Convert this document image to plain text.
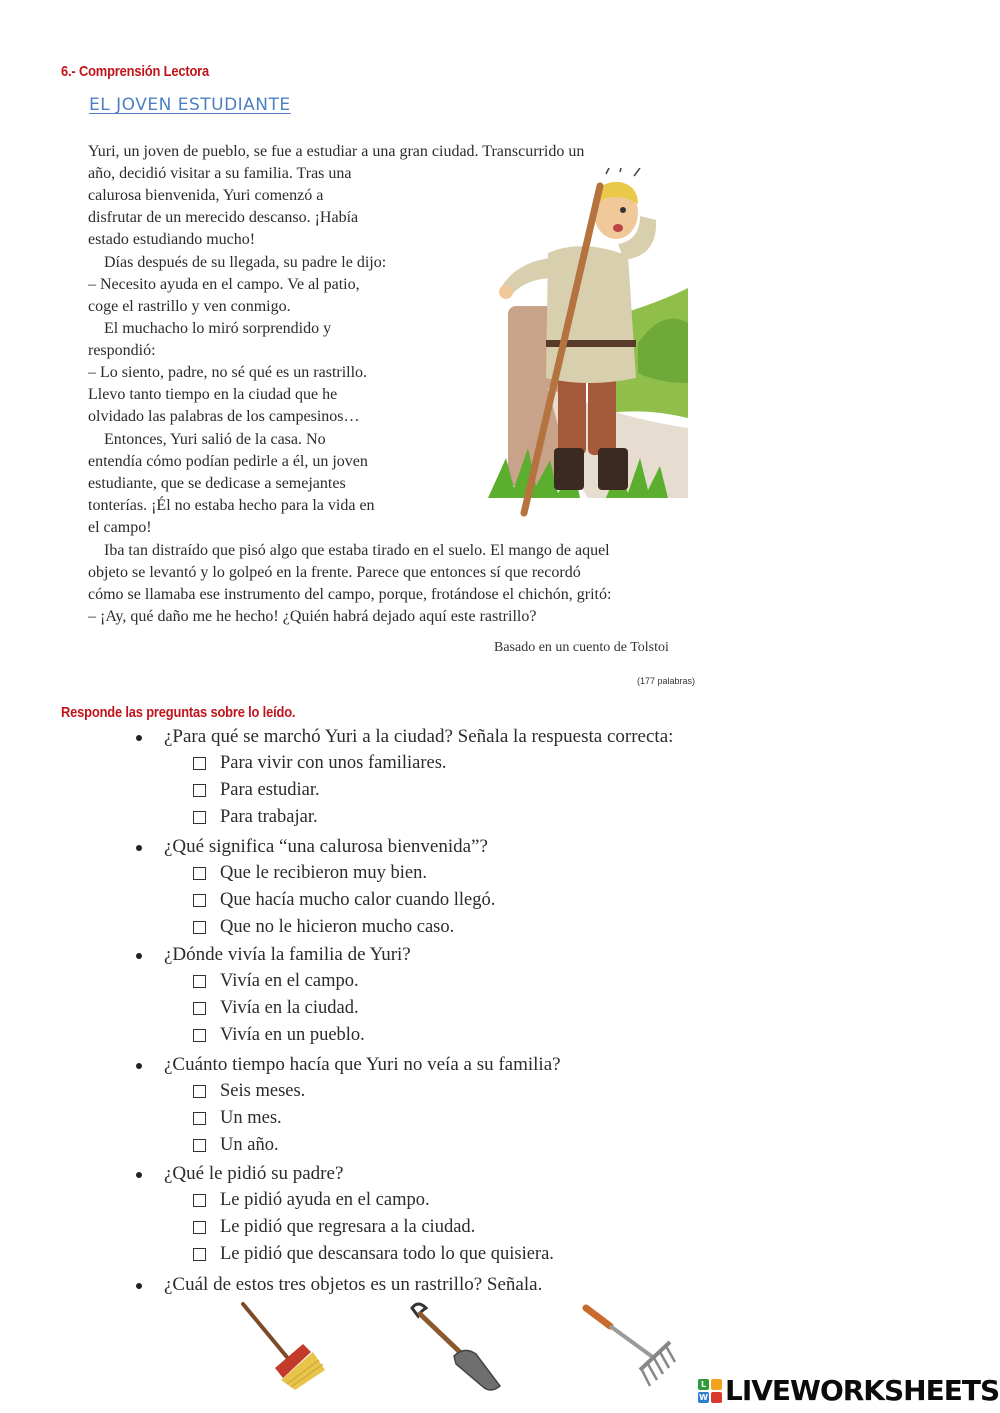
6.- Comprensión Lectora
EL JOVEN ESTUDIANTE
Yuri, un joven de pueblo, se fue a estudiar a una gran ciudad. Transcurrido un
año, decidió visitar a su familia. Tras una
calurosa bienvenida, Yuri comenzó a
disfrutar de un merecido descanso. ¡Había
estado estudiando mucho!
Días después de su llegada, su padre le dijo:
– Necesito ayuda en el campo. Ve al patio,
coge el rastrillo y ven conmigo.
El muchacho lo miró sorprendido y
respondió:
– Lo siento, padre, no sé qué es un rastrillo.
Llevo tanto tiempo en la ciudad que he
olvidado las palabras de los campesinos…
Entonces, Yuri salió de la casa. No
entendía cómo podían pedirle a él, un joven
estudiante, que se dedicase a semejantes
tonterías. ¡Él no estaba hecho para la vida en
el campo!
Iba tan distraído que pisó algo que estaba tirado en el suelo. El mango de aquel
objeto se levantó y lo golpeó en la frente. Parece que entonces sí que recordó
cómo se llamaba ese instrumento del campo, porque, frotándose el chichón, gritó:
– ¡Ay, qué daño me he hecho! ¿Quién habrá dejado aquí este rastrillo?
Basado en un cuento de Tolstoi
(177 palabras)
Responde las preguntas sobre lo leído.
¿Para qué se marchó Yuri a la ciudad? Señala la respuesta correcta:
Para vivir con unos familiares.
Para estudiar.
Para trabajar.
¿Qué significa “una calurosa bienvenida”?
Que le recibieron muy bien.
Que hacía mucho calor cuando llegó.
Que no le hicieron mucho caso.
¿Dónde vivía la familia de Yuri?
Vivía en el campo.
Vivía en la ciudad.
Vivía en un pueblo.
¿Cuánto tiempo hacía que Yuri no veía a su familia?
Seis meses.
Un mes.
Un año.
¿Qué le pidió su padre?
Le pidió ayuda en el campo.
Le pidió que regresara a la ciudad.
Le pidió que descansara todo lo que quisiera.
¿Cuál de estos tres objetos es un rastrillo? Señala.
L
W LIVEWORKSHEETS
